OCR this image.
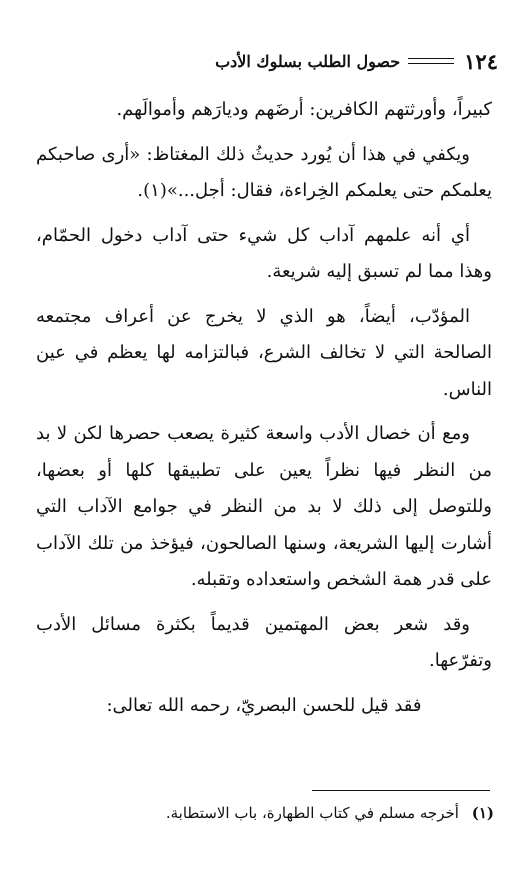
١٢٤
حصول الطلب بسلوك الأدب

كبيراً، وأورثتهم الكافرين: أرضَهم وديارَهم وأموالَهم.

ويكفي في هذا أن يُورد حديثُ ذلك المغتاظ: «أرى صاحبكم يعلمكم حتى يعلمكم الخِراءة، فقال: أجل...»(١).

أي أنه علمهم آداب كل شيء حتى آداب دخول الحمّام، وهذا مما لم تسبق إليه شريعة.

المؤدّب، أيضاً، هو الذي لا يخرج عن أعراف مجتمعه الصالحة التي لا تخالف الشرع، فبالتزامه لها يعظم في عين الناس.

ومع أن خصال الأدب واسعة كثيرة يصعب حصرها لكن لا بد من النظر فيها نظراً يعين على تطبيقها كلها أو بعضها، وللتوصل إلى ذلك لا بد من النظر في جوامع الآداب التي أشارت إليها الشريعة، وسنها الصالحون، فيؤخذ من تلك الآداب على قدر همة الشخص واستعداده وتقبله.

وقد شعر بعض المهتمين قديماً بكثرة مسائل الأدب وتفرّعها.

فقد قيل للحسن البصريّ، رحمه الله تعالى:

(١) أخرجه مسلم في كتاب الطهارة، باب الاستطابة.
